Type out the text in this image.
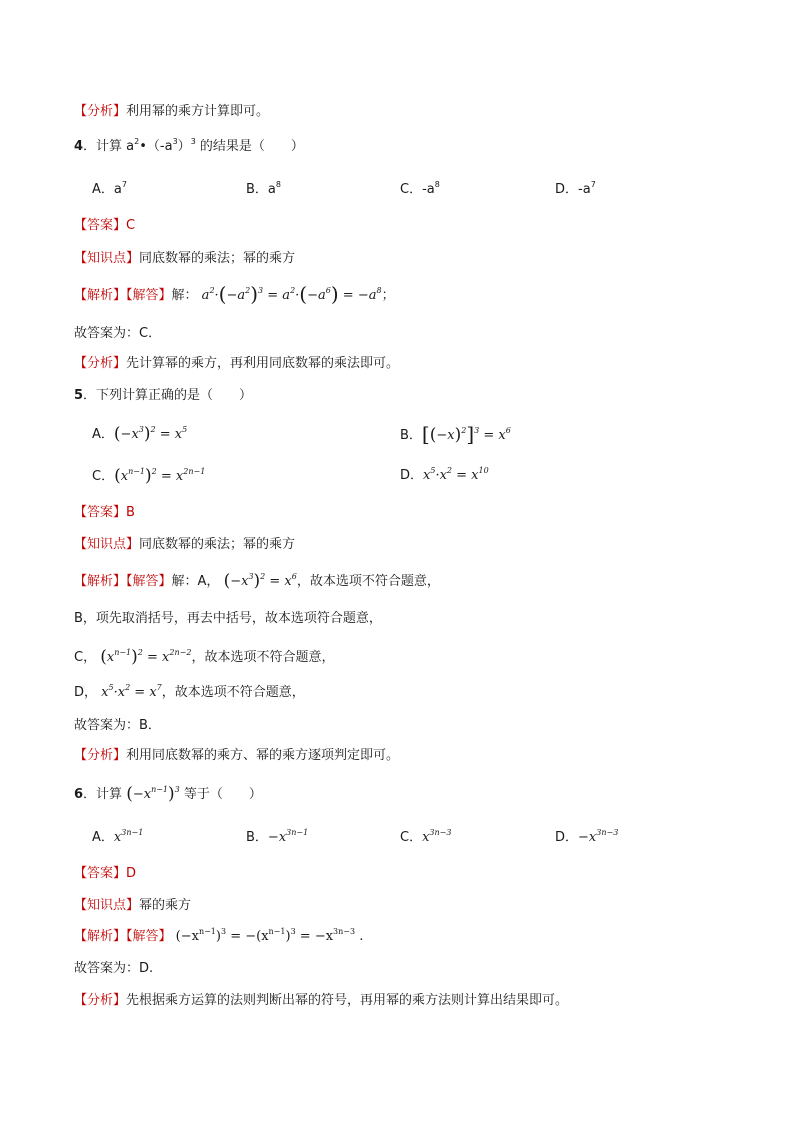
【分析】利用幂的乘方计算即可。
4．计算 $a^2•(-a^3)^3$ 的结果是（　　）
A．$a^7$	B．$a^8$	C．$-a^8$	D．$-a^7$
【答案】C
【知识点】同底数幂的乘法；幂的乘方
【解析】【解答】解： $a^2\cdot(-a^2)^3 = a^2\cdot(-a^6) = -a^8$；
故答案为：C．
【分析】先计算幂的乘方，再利用同底数幂的乘法即可。
5．下列计算正确的是（　　）
A．$(-x^3)^2 = x^5$	B．$[(-x)^2]^3 = x^6$
C．$(x^{n-1})^2 = x^{2n-1}$	D．$x^5\cdot x^2 = x^{10}$
【答案】B
【知识点】同底数幂的乘法；幂的乘方
【解析】【解答】解：A， $(-x^3)^2 = x^6$，故本选项不符合题意，
B，项先取消括号，再去中括号，故本选项符合题意，
C， $(x^{n-1})^2 = x^{2n-2}$，故本选项不符合题意，
D， $x^5\cdot x^2 = x^7$，故本选项不符合题意，
故答案为：B．
【分析】利用同底数幂的乘方、幂的乘方逐项判定即可。
6．计算 $(-x^{n-1})^3$ 等于（　　）
A．$x^{3n-1}$	B．$-x^{3n-1}$	C．$x^{3n-3}$	D．$-x^{3n-3}$
【答案】D
【知识点】幂的乘方
【解析】【解答】 $(-x^{n-1})^3 = -(x^{n-1})^3 = -x^{3n-3}$ .
故答案为：D.
【分析】先根据乘方运算的法则判断出幂的符号，再用幂的乘方法则计算出结果即可。
